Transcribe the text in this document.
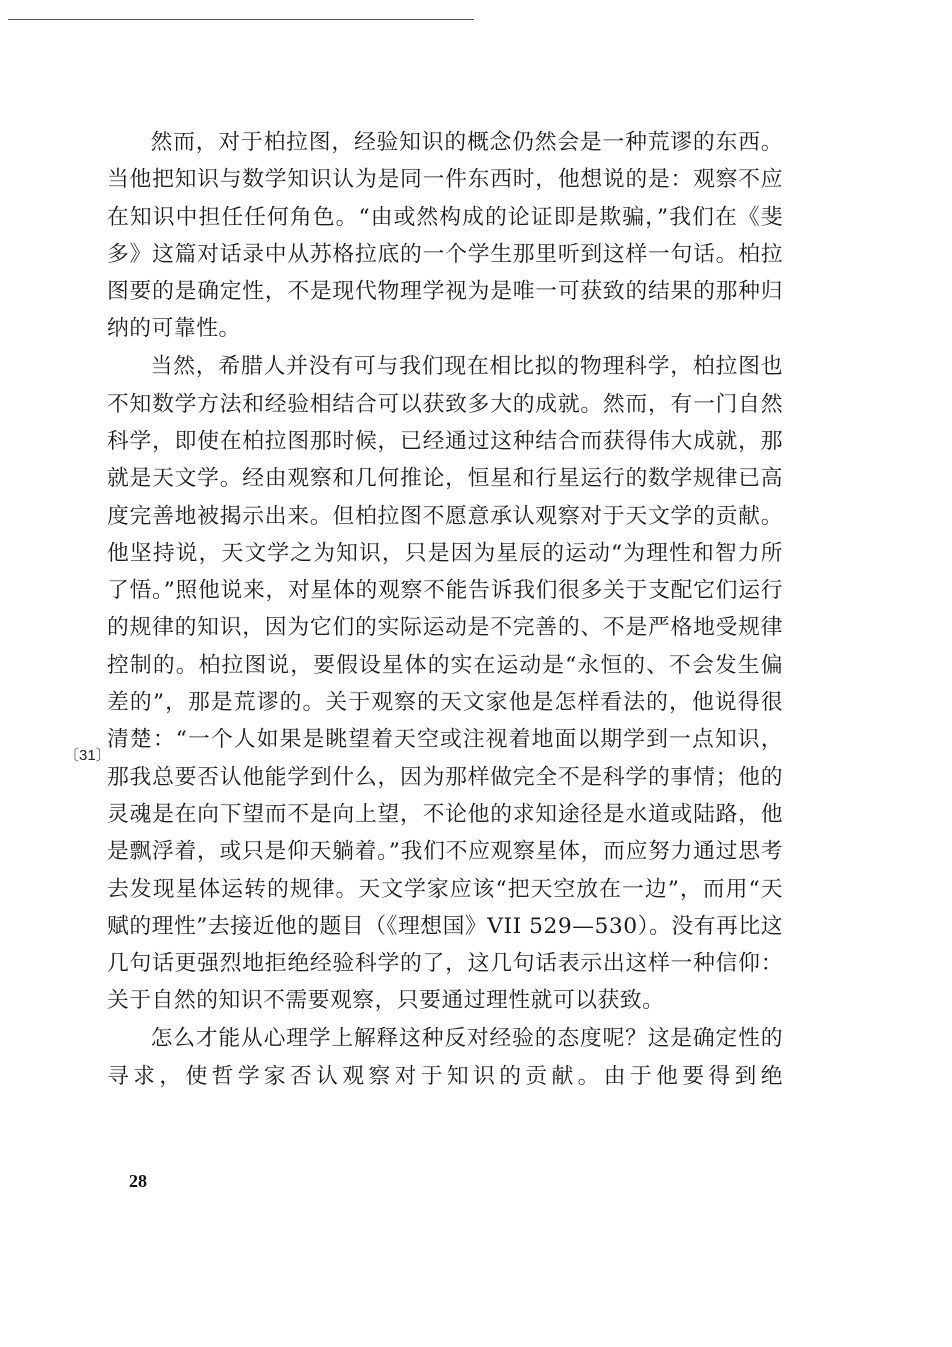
然而，对于柏拉图，经验知识的概念仍然会是一种荒谬的东西。当他把知识与数学知识认为是同一件东西时，他想说的是：观察不应在知识中担任任何角色。“由或然构成的论证即是欺骗，”我们在《斐多》这篇对话录中从苏格拉底的一个学生那里听到这样一句话。柏拉图要的是确定性，不是现代物理学视为是唯一可获致的结果的那种归纳的可靠性。

当然，希腊人并没有可与我们现在相比拟的物理科学，柏拉图也不知数学方法和经验相结合可以获致多大的成就。然而，有一门自然科学，即使在柏拉图那时候，已经通过这种结合而获得伟大成就，那就是天文学。经由观察和几何推论，恒星和行星运行的数学规律已高度完善地被揭示出来。但柏拉图不愿意承认观察对于天文学的贡献。他坚持说，天文学之为知识，只是因为星辰的运动“为理性和智力所了悟。”照他说来，对星体的观察不能告诉我们很多关于支配它们运行的规律的知识，因为它们的实际运动是不完善的、不是严格地受规律控制的。柏拉图说，要假设星体的实在运动是“永恒的、不会发生偏差的”，那是荒谬的。关于观察的天文家他是怎样看法的，他说得很清楚：“一个人如果是眺望着天空或注视着地面以期学到一点知识，那我总要否认他能学到什么，因为那样做完全不是科学的事情；他的灵魂是在向下望而不是向上望，不论他的求知途径是水道或陆路，他是飘浮着，或只是仰天躺着。”我们不应观察星体，而应努力通过思考去发现星体运转的规律。天文学家应该“把天空放在一边”，而用“天赋的理性”去接近他的题目（《理想国》VII 529—530）。没有再比这几句话更强烈地拒绝经验科学的了，这几句话表示出这样一种信仰：关于自然的知识不需要观察，只要通过理性就可以获致。

怎么才能从心理学上解释这种反对经验的态度呢？这是确定性的寻求，使哲学家否认观察对于知识的贡献。由于他要得到绝

〔31〕
28
